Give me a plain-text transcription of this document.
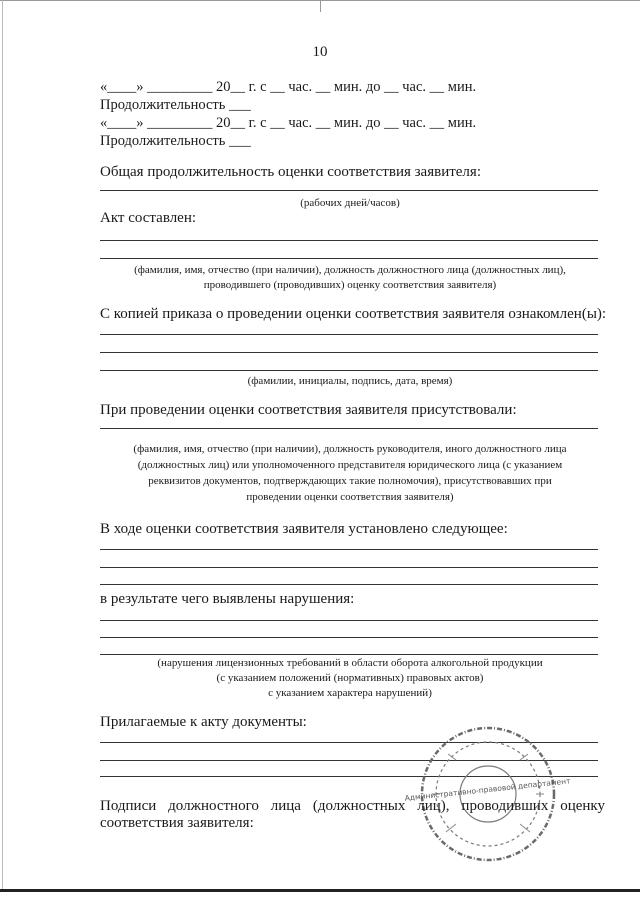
10
«____» _________ 20__ г. с __ час. __ мин. до __ час. __ мин.
Продолжительность ___
«____» _________ 20__ г. с __ час. __ мин. до __ час. __ мин.
Продолжительность ___
Общая продолжительность оценки соответствия заявителя:
(рабочих дней/часов)
Акт составлен:
(фамилия, имя, отчество (при наличии), должность должностного лица (должностных лиц),
проводившего (проводивших) оценку соответствия заявителя)
С копией приказа о проведении оценки соответствия заявителя ознакомлен(ы):
(фамилии, инициалы, подпись, дата, время)
При проведении оценки соответствия заявителя присутствовали:
(фамилия, имя, отчество (при наличии), должность руководителя, иного должностного лица
(должностных лиц) или уполномоченного представителя юридического лица (с указанием
реквизитов документов, подтверждающих такие полномочия), присутствовавших при
проведении оценки соответствия заявителя)
В ходе оценки соответствия заявителя установлено следующее:
в результате чего выявлены нарушения:
(нарушения лицензионных требований в области оборота алкогольной продукции
(с указанием положений (нормативных) правовых актов)
с указанием характера нарушений)
Прилагаемые к акту документы:
Административно-правовой департамент
Подписи должностного лица (должностных лиц), проводивших оценку
соответствия заявителя:
